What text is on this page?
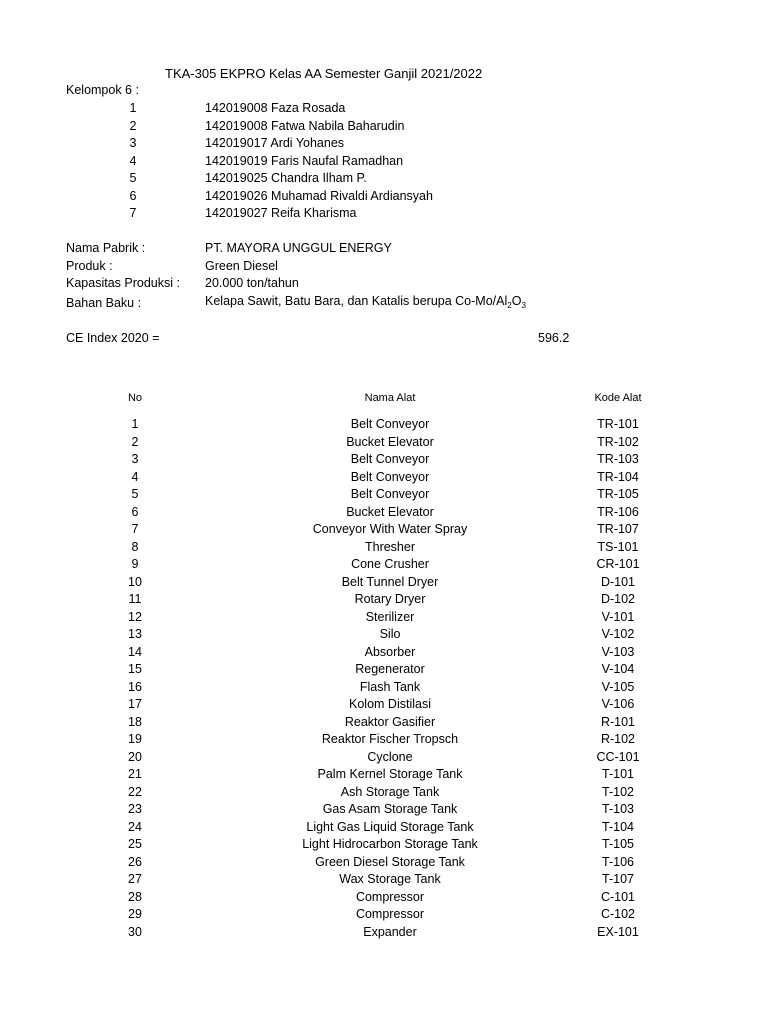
TKA-305 EKPRO Kelas AA Semester Ganjil 2021/2022
Kelompok 6 :
1	142019008 Faza Rosada
2	142019008 Fatwa Nabila Baharudin
3	142019017 Ardi Yohanes
4	142019019 Faris Naufal Ramadhan
5	142019025 Chandra Ilham P.
6	142019026 Muhamad Rivaldi Ardiansyah
7	142019027 Reifa Kharisma
Nama Pabrik :	PT. MAYORA UNGGUL ENERGY
Produk :	Green Diesel
Kapasitas Produksi : 20.000 ton/tahun
Bahan Baku :	Kelapa Sawit, Batu Bara, dan Katalis berupa $Co-Mo/Al_2O_3$
CE Index 2020 =	596.2
No	Nama Alat	Kode Alat
1	Belt Conveyor	TR-101
2	Bucket Elevator	TR-102
3	Belt Conveyor	TR-103
4	Belt Conveyor	TR-104
5	Belt Conveyor	TR-105
6	Bucket Elevator	TR-106
7	Conveyor With Water Spray	TR-107
8	Thresher	TS-101
9	Cone Crusher	CR-101
10	Belt Tunnel Dryer	D-101
11	Rotary Dryer	D-102
12	Sterilizer	V-101
13	Silo	V-102
14	Absorber	V-103
15	Regenerator	V-104
16	Flash Tank	V-105
17	Kolom Distilasi	V-106
18	Reaktor Gasifier	R-101
19	Reaktor Fischer Tropsch	R-102
20	Cyclone	CC-101
21	Palm Kernel Storage Tank	T-101
22	Ash Storage Tank	T-102
23	Gas Asam Storage Tank	T-103
24	Light Gas Liquid Storage Tank	T-104
25	Light Hidrocarbon Storage Tank	T-105
26	Green Diesel Storage Tank	T-106
27	Wax Storage Tank	T-107
28	Compressor	C-101
29	Compressor	C-102
30	Expander	EX-101
